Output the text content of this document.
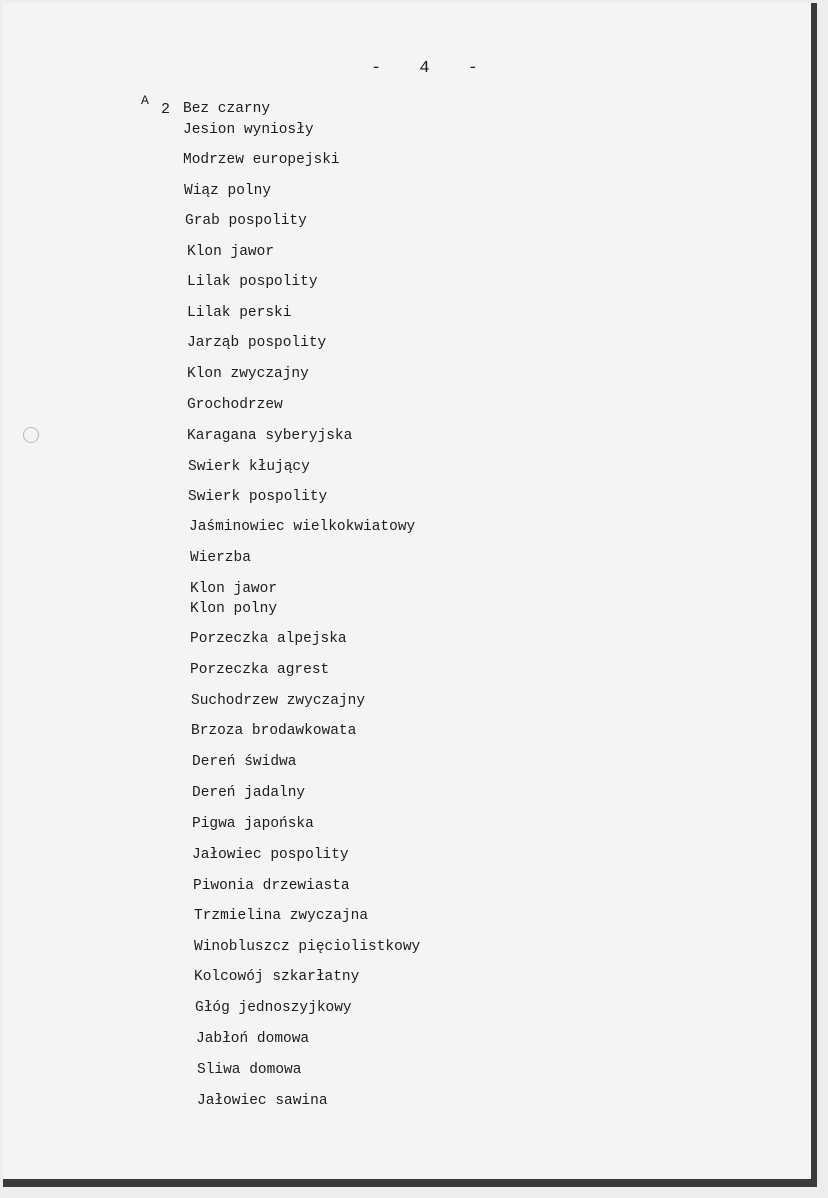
- 4 -
A
2 Bez czarny
Jesion wyniosły
Modrzew europejski
Wiąz polny
Grab pospolity
Klon jawor
Lilak pospolity
Lilak perski
Jarząb pospolity
Klon zwyczajny
Grochodrzew
Karagana syberyjska
Swierk kłujący
Swierk pospolity
Jaśminowiec wielkokwiatowy
Wierzba
Klon jawor
Klon polny
Porzeczka alpejska
Porzeczka agrest
Suchodrzew zwyczajny
Brzoza brodawkowata
Dereń świdwa
Dereń jadalny
Pigwa japońska
Jałowiec pospolity
Piwonia drzewiasta
Trzmielina zwyczajna
Winobluszcz pięciolistkowy
Kolcowój szkarłatny
Głóg jednoszyjkowy
Jabłoń domowa
Sliwa domowa
Jałowiec sawina
